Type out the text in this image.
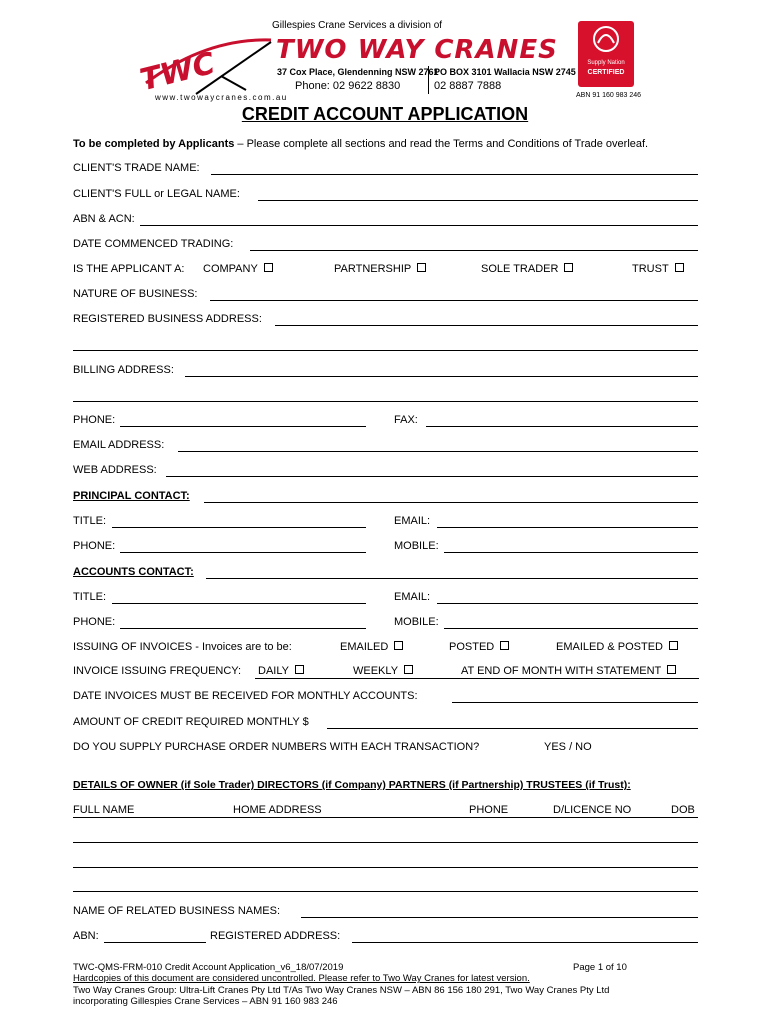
TWC
Gillespies Crane Services a division of
TWO WAY CRANES
37 Cox Place, Glendenning NSW 2761
PO BOX 3101 Wallacia NSW 2745
Phone: 02 9622 8830	02 8887 7888
www.twowaycranes.com.au
Supply Nation
CERTIFIED
ABN 91 160 983 246
CREDIT ACCOUNT APPLICATION
To be completed by Applicants – Please complete all sections and read the Terms and Conditions of Trade overleaf.
CLIENT'S TRADE NAME:
CLIENT'S FULL or LEGAL NAME:
ABN & ACN:
DATE COMMENCED TRADING:
IS THE APPLICANT A: COMPANY	PARTNERSHIP	SOLE TRADER	TRUST
NATURE OF BUSINESS:
REGISTERED BUSINESS ADDRESS:
BILLING ADDRESS:
PHONE:	FAX:
EMAIL ADDRESS:
WEB ADDRESS:
PRINCIPAL CONTACT:
TITLE:	EMAIL:
PHONE:	MOBILE:
ACCOUNTS CONTACT:
TITLE:	EMAIL:
PHONE:	MOBILE:
ISSUING OF INVOICES - Invoices are to be:	EMAILED	POSTED	EMAILED & POSTED
INVOICE ISSUING FREQUENCY: DAILY	WEEKLY	AT END OF MONTH WITH STATEMENT
DATE INVOICES MUST BE RECEIVED FOR MONTHLY ACCOUNTS:
AMOUNT OF CREDIT REQUIRED MONTHLY $
DO YOU SUPPLY PURCHASE ORDER NUMBERS WITH EACH TRANSACTION?	YES / NO
DETAILS OF OWNER (if Sole Trader) DIRECTORS (if Company) PARTNERS (if Partnership) TRUSTEES (if Trust):
FULL NAME	HOME ADDRESS	PHONE	D/LICENCE NO	DOB
NAME OF RELATED BUSINESS NAMES:
ABN:	REGISTERED ADDRESS:
TWC-QMS-FRM-010 Credit Account Application_v6_18/07/2019	Page 1 of 10
Hardcopies of this document are considered uncontrolled. Please refer to Two Way Cranes for latest version.
Two Way Cranes Group: Ultra-Lift Cranes Pty Ltd T/As Two Way Cranes NSW – ABN 86 156 180 291, Two Way Cranes Pty Ltd
incorporating Gillespies Crane Services – ABN 91 160 983 246
